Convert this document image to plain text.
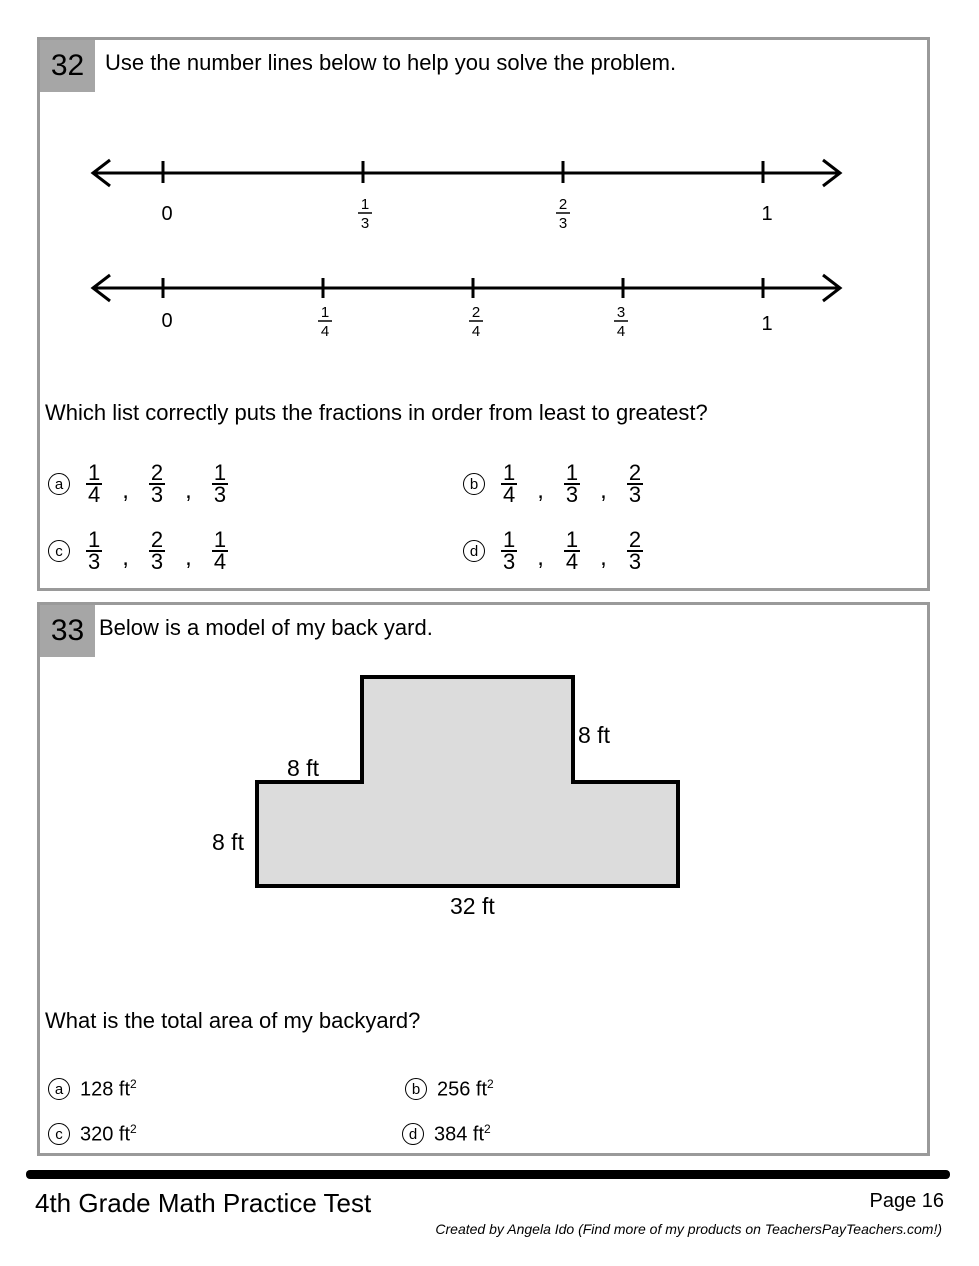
32 Use the number lines below to help you solve the problem.
0	1
3
2
3	1
0	1
4
2
4
3
4	1
Which list correctly puts the fractions in order from least to greatest?
a	$\frac{1}{4}$ , $\frac{2}{3}$ , $\frac{1}{3}$	b	$\frac{1}{4}$ , $\frac{1}{3}$ , $\frac{2}{3}$
c	$\frac{1}{3}$ , $\frac{2}{3}$ , $\frac{1}{4}$	d	$\frac{1}{3}$ , $\frac{1}{4}$ , $\frac{2}{3}$
33 Below is a model of my back yard.
8 ft
8 ft
8 ft
32 ft
What is the total area of my backyard?
a 128 $ft^2$	b 256 $ft^2$
c 320 $ft^2$	d 384 $ft^2$
4th Grade Math Practice Test	Page 16
Created by Angela Ido (Find more of my products on TeachersPayTeachers.com!)
